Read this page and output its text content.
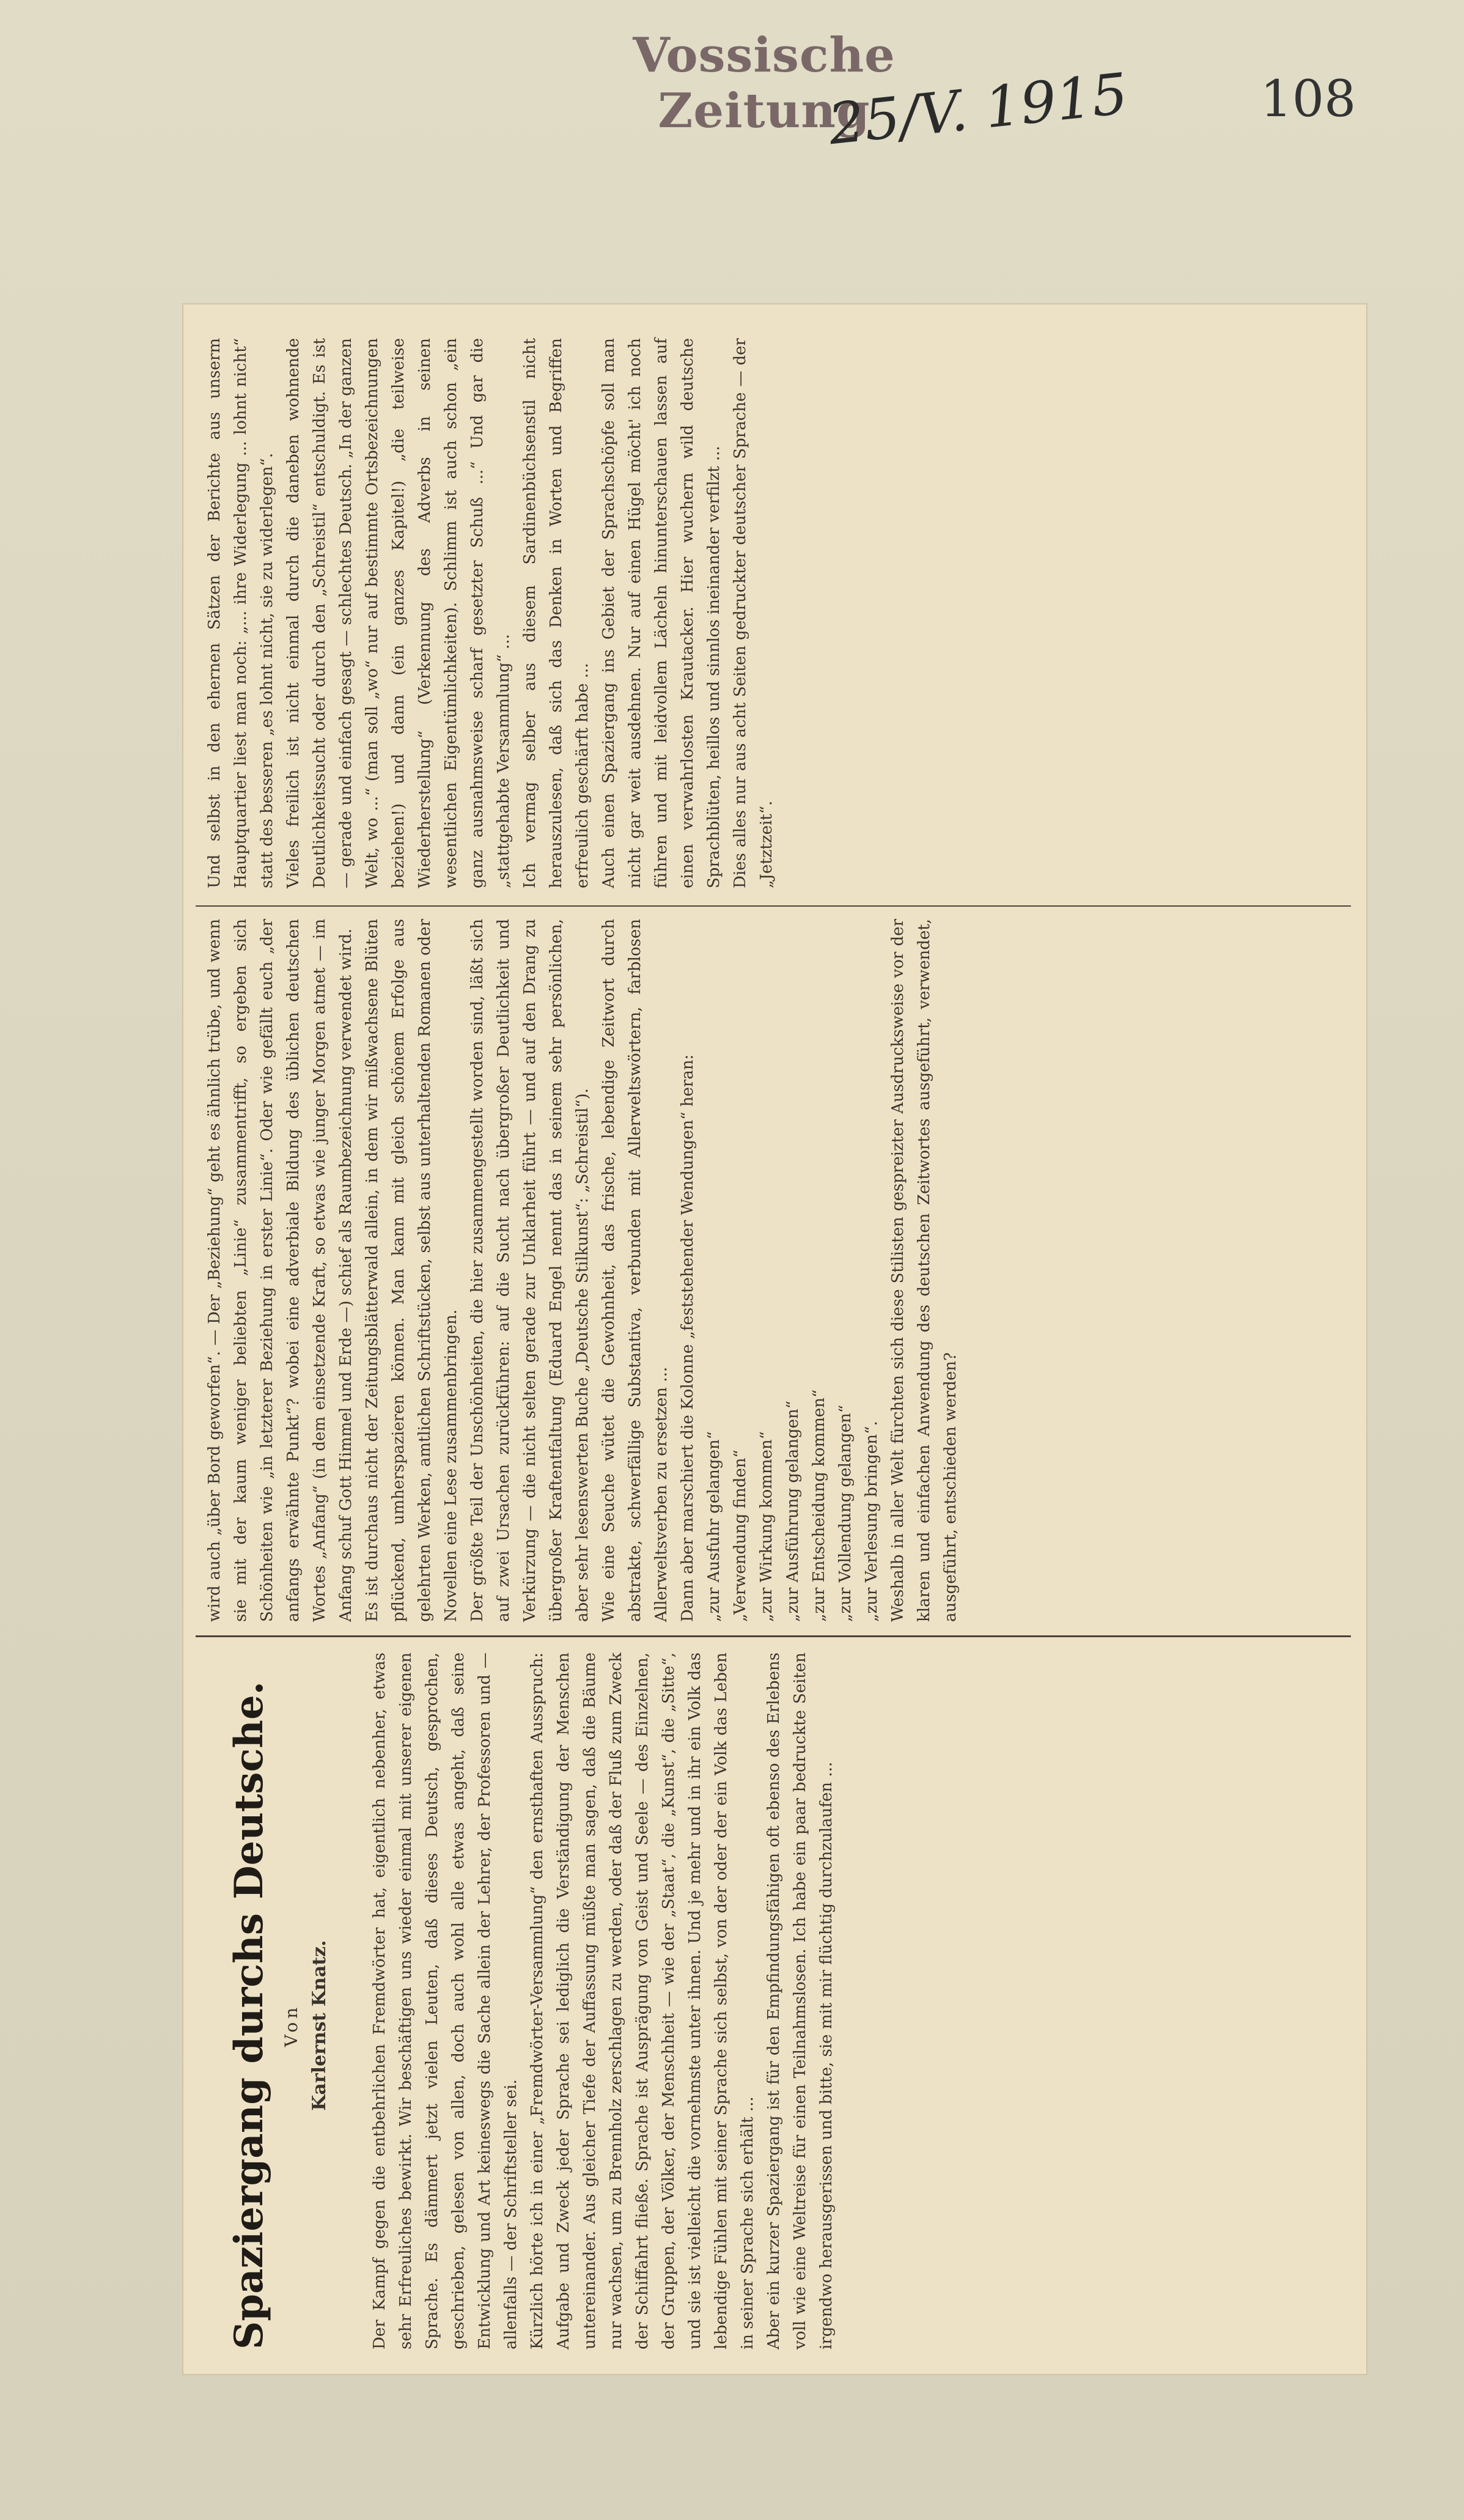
Vossische Zeitung
25/V. 1915	108
Spaziergang durchs Deutsche. Von Karlernst Knatz.
Der Kampf gegen die entbehrlichen Fremdwörter hat, eigentlich nebenher, etwas sehr Erfreuliches bewirkt. Wir beschäftigen uns wieder einmal mit unserer eigenen Sprache. Es dämmert jetzt vielen Leuten, daß dieses Deutsch, gesprochen, geschrieben, gelesen von allen, doch auch wohl alle etwas angeht, daß seine Entwicklung und Art keineswegs die Sache allein der Lehrer, der Professoren und — allenfalls — der Schriftsteller sei.
Kürzlich hörte ich in einer „Fremdwörter-Versammlung“ den ernsthaften Ausspruch: Aufgabe und Zweck jeder Sprache sei lediglich die Verständigung der Menschen untereinander. Aus gleicher Tiefe der Auffassung müßte man sagen, daß die Bäume nur wachsen, um zu Brennholz zerschlagen zu werden, oder daß der Fluß zum Zweck der Schiffahrt fließe. Sprache ist Ausprägung von Geist und Seele — des Einzelnen, der Gruppen, der Völker, der Menschheit — wie der „Staat“, die „Kunst“, die „Sitte“, und sie ist vielleicht die vornehmste unter ihnen. Und je mehr und in ihr ein Volk das lebendige Fühlen mit seiner Sprache sich selbst, von der oder der ein Volk das Leben in seiner Sprache sich erhält ...
Aber ein kurzer Spaziergang ist für den Empfindungsfähigen oft ebenso des Erlebens voll wie eine Weltreise für einen Teilnahmslosen. Ich habe ein paar bedruckte Seiten irgendwo herausgerissen und bitte, sie mit mir flüchtig durchzulaufen ...
wird auch „über Bord geworfen“. — Der „Beziehung“ geht es ähnlich trübe, und wenn sie mit der kaum weniger beliebten „Linie“ zusammentrifft, so ergeben sich Schönheiten wie „in letzterer Beziehung in erster Linie“. Oder wie gefällt euch „der anfangs erwähnte Punkt“? wobei eine adverbiale Bildung des üblichen deutschen Wortes „Anfang“ (in dem einsetzende Kraft, so etwas wie junger Morgen atmet — im Anfang schuf Gott Himmel und Erde —) schief als Raumbezeichnung verwendet wird.
Es ist durchaus nicht der Zeitungsblätterwald allein, in dem wir mißwachsene Blüten pflückend, umherspazieren können. Man kann mit gleich schönem Erfolge aus gelehrten Werken, amtlichen Schriftstücken, selbst aus unterhaltenden Romanen oder Novellen eine Lese zusammenbringen.
Der größte Teil der Unschönheiten, die hier zusammengestellt worden sind, läßt sich auf zwei Ursachen zurückführen: auf die Sucht nach übergroßer Deutlichkeit und Verkürzung — die nicht selten gerade zur Unklarheit führt — und auf den Drang zu übergroßer Kraftentfaltung (Eduard Engel nennt das in seinem sehr persönlichen, aber sehr lesenswerten Buche „Deutsche Stilkunst“: „Schreistil“).
Wie eine Seuche wütet die Gewohnheit, das frische, lebendige Zeitwort durch abstrakte, schwerfällige Substantiva, verbunden mit Allerweltswörtern, farblosen Allerweltsverben zu ersetzen ...
Dann aber marschiert die Kolonne „feststehender Wendungen“ heran:
„zur Ausfuhr gelangen“
„Verwendung finden“
„zur Wirkung kommen“
„zur Ausführung gelangen“
„zur Entscheidung kommen“
„zur Vollendung gelangen“
„zur Verlesung bringen“.
Weshalb in aller Welt fürchten sich diese Stilisten gespreizter Ausdrucksweise vor der klaren und einfachen Anwendung des deutschen Zeitwortes ausgeführt, verwendet, ausgeführt, entschieden werden?
Und selbst in den ehernen Sätzen der Berichte aus unserm Hauptquartier liest man noch: „... ihre Widerlegung ... lohnt nicht“ statt des besseren „es lohnt nicht, sie zu widerlegen“.
Vieles freilich ist nicht einmal durch die daneben wohnende Deutlichkeitssucht oder durch den „Schreistil“ entschuldigt. Es ist — gerade und einfach gesagt — schlechtes Deutsch. „In der ganzen Welt, wo ...“ (man soll „wo“ nur auf bestimmte Ortsbezeichnungen beziehen!) und dann (ein ganzes Kapitel!) „die teilweise Wiederherstellung“ (Verkennung des Adverbs in seinen wesentlichen Eigentümlichkeiten). Schlimm ist auch schon „ein ganz ausnahmsweise scharf gesetzter Schuß ...“ Und gar die „stattgehabte Versammlung“ ...
Ich vermag selber aus diesem Sardinenbüchsenstil nicht herauszulesen, daß sich das Denken in Worten und Begriffen erfreulich geschärft habe ...
Auch einen Spaziergang ins Gebiet der Sprachschöpfe soll man nicht gar weit ausdehnen. Nur auf einen Hügel möcht' ich noch führen und mit leidvollem Lächeln hinunterschauen lassen auf einen verwahrlosten Krautacker. Hier wuchern wild deutsche Sprachblüten, heillos und sinnlos ineinander verfilzt ...
Dies alles nur aus acht Seiten gedruckter deutscher Sprache — der „Jetztzeit“.
